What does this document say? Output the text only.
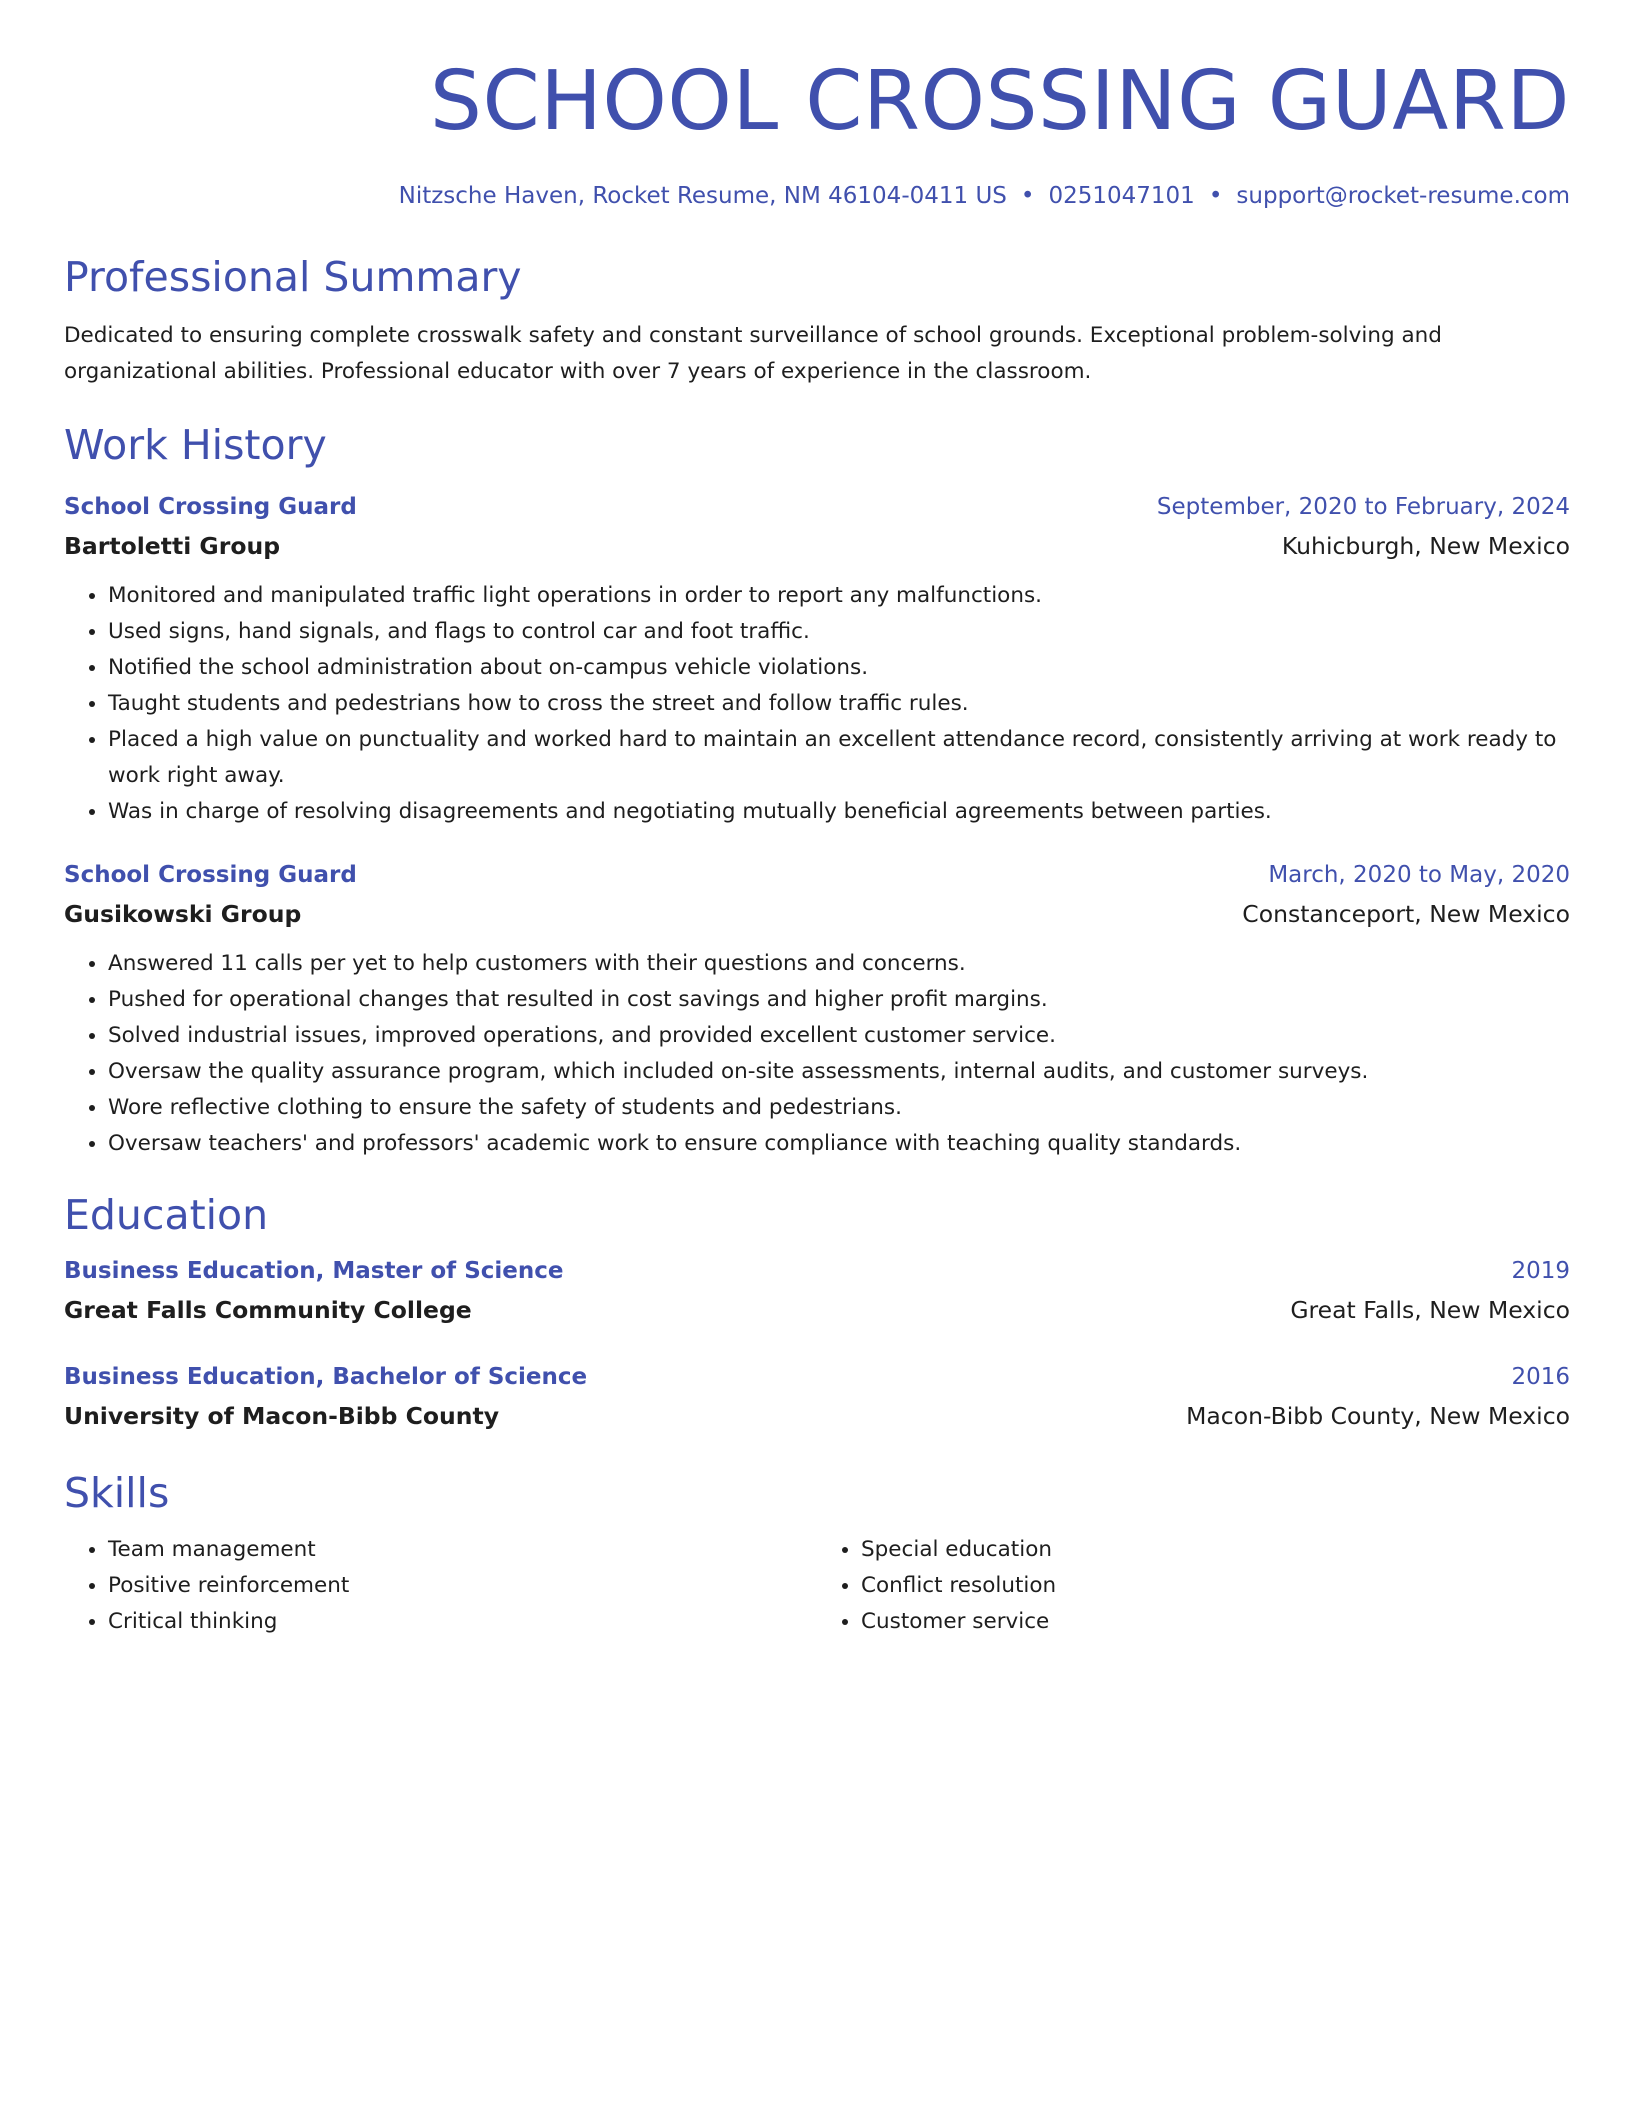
SCHOOL CROSSING GUARD
Nitzsche Haven, Rocket Resume, NM 46104-0411 US • 0251047101 • support@rocket-resume.com
Professional Summary
Dedicated to ensuring complete crosswalk safety and constant surveillance of school grounds. Exceptional problem-solving and organizational abilities. Professional educator with over 7 years of experience in the classroom.
Work History
School Crossing Guard	September, 2020 to February, 2024
Bartoletti Group	Kuhicburgh, New Mexico
• Monitored and manipulated traffic light operations in order to report any malfunctions.
• Used signs, hand signals, and flags to control car and foot traffic.
• Notified the school administration about on-campus vehicle violations.
• Taught students and pedestrians how to cross the street and follow traffic rules.
• Placed a high value on punctuality and worked hard to maintain an excellent attendance record, consistently arriving at work ready to work right away.
• Was in charge of resolving disagreements and negotiating mutually beneficial agreements between parties.
School Crossing Guard	March, 2020 to May, 2020
Gusikowski Group	Constanceport, New Mexico
• Answered 11 calls per yet to help customers with their questions and concerns.
• Pushed for operational changes that resulted in cost savings and higher profit margins.
• Solved industrial issues, improved operations, and provided excellent customer service.
• Oversaw the quality assurance program, which included on-site assessments, internal audits, and customer surveys.
• Wore reflective clothing to ensure the safety of students and pedestrians.
• Oversaw teachers' and professors' academic work to ensure compliance with teaching quality standards.
Education
Business Education, Master of Science	2019
Great Falls Community College	Great Falls, New Mexico
Business Education, Bachelor of Science	2016
University of Macon-Bibb County	Macon-Bibb County, New Mexico
Skills
• Team management
• Positive reinforcement
• Critical thinking
• Special education
• Conflict resolution
• Customer service
